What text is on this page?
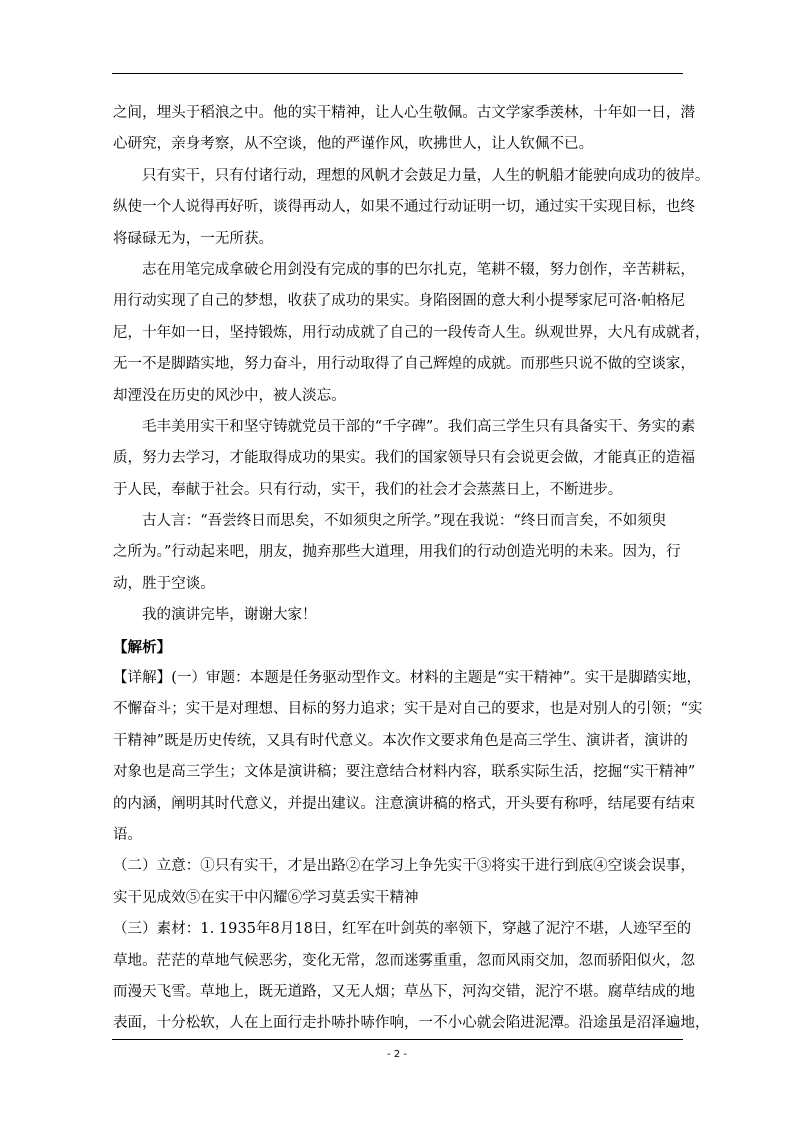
之间，埋头于稻浪之中。他的实干精神，让人心生敬佩。古文学家季羡林，十年如一日，潜
心研究，亲身考察，从不空谈，他的严谨作风，吹拂世人，让人钦佩不已。
只有实干，只有付诸行动，理想的风帆才会鼓足力量，人生的帆船才能驶向成功的彼岸。
纵使一个人说得再好听，谈得再动人，如果不通过行动证明一切，通过实干实现目标，也终
将碌碌无为，一无所获。
志在用笔完成拿破仑用剑没有完成的事的巴尔扎克，笔耕不辍，努力创作，辛苦耕耘，
用行动实现了自己的梦想，收获了成功的果实。身陷囹圄的意大利小提琴家尼可洛·帕格尼
尼，十年如一日，坚持锻炼，用行动成就了自己的一段传奇人生。纵观世界，大凡有成就者，
无一不是脚踏实地，努力奋斗，用行动取得了自己辉煌的成就。而那些只说不做的空谈家，
却湮没在历史的风沙中，被人淡忘。
毛丰美用实干和坚守铸就党员干部的“千字碑”。我们高三学生只有具备实干、务实的素
质，努力去学习，才能取得成功的果实。我们的国家领导只有会说更会做，才能真正的造福
于人民，奉献于社会。只有行动，实干，我们的社会才会蒸蒸日上，不断进步。
古人言：“吾尝终日而思矣，不如须臾之所学。”现在我说：“终日而言矣，不如须臾
之所为。”行动起来吧，朋友，抛弃那些大道理，用我们的行动创造光明的未来。因为，行
动，胜于空谈。
我的演讲完毕，谢谢大家！
【解析】
【详解】(一）审题：本题是任务驱动型作文。材料的主题是“实干精神”。实干是脚踏实地，
不懈奋斗；实干是对理想、目标的努力追求；实干是对自己的要求，也是对别人的引领；“实
干精神”既是历史传统，又具有时代意义。本次作文要求角色是高三学生、演讲者，演讲的
对象也是高三学生；文体是演讲稿；要注意结合材料内容，联系实际生活，挖掘“实干精神”
的内涵，阐明其时代意义，并提出建议。注意演讲稿的格式，开头要有称呼，结尾要有结束
语。
（二）立意：①只有实干，才是出路②在学习上争先实干③将实干进行到底④空谈会误事，
实干见成效⑤在实干中闪耀⑥学习莫丢实干精神
（三）素材：1. 1935年8月18日，红军在叶剑英的率领下，穿越了泥泞不堪，人迹罕至的
草地。茫茫的草地气候恶劣，变化无常，忽而迷雾重重，忽而风雨交加，忽而骄阳似火，忽
而漫天飞雪。草地上，既无道路，又无人烟；草丛下，河沟交错，泥泞不堪。腐草结成的地
表面，十分松软，人在上面行走扑哧扑哧作响，一不小心就会陷进泥潭。沿途虽是沼泽遍地，
- 2 -
